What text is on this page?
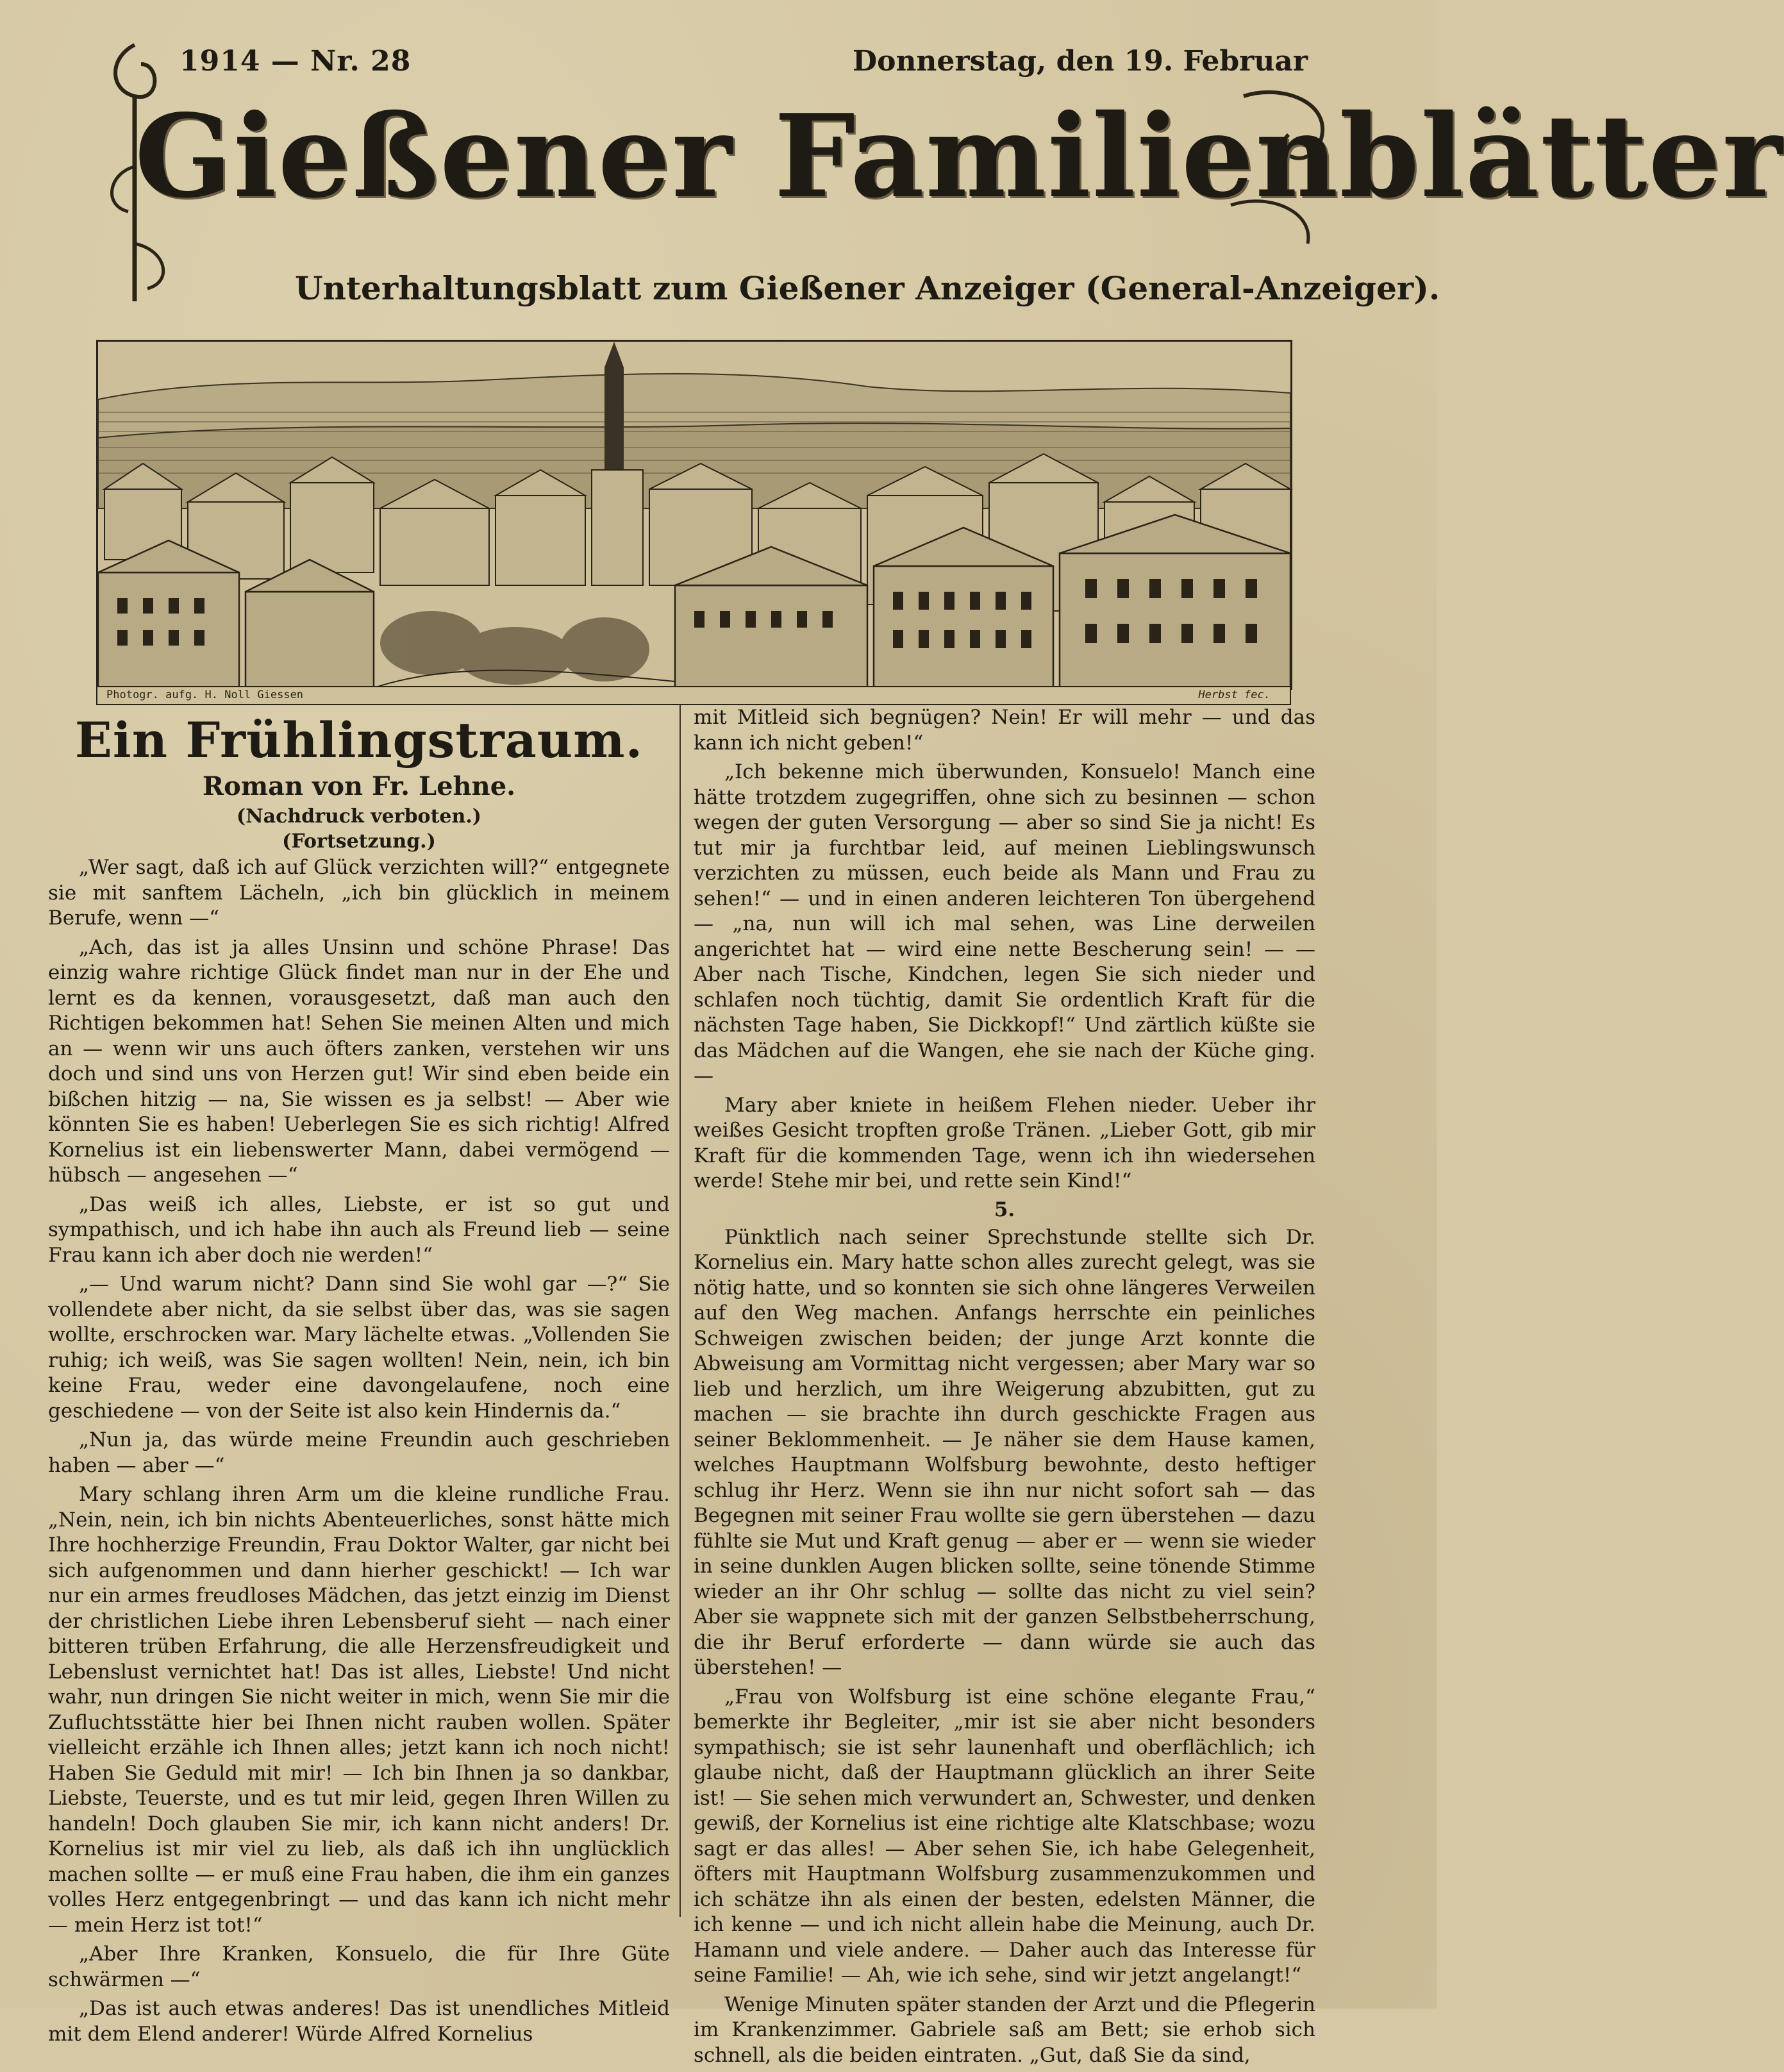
1914 — Nr. 28	Donnerstag, den 19. Februar
Gießener Familienblätter
Unterhaltungsblatt zum Gießener Anzeiger (General-Anzeiger).
Photogr. aufg. H. Noll Giessen	Herbst fec.
Ein Frühlingstraum.
Roman von Fr. Lehne.
(Nachdruck verboten.)
(Fortsetzung.)

„Wer sagt, daß ich auf Glück verzichten will?“ entgegnete sie mit sanftem Lächeln, „ich bin glücklich in meinem Berufe, wenn —“

„Ach, das ist ja alles Unsinn und schöne Phrase! Das einzig wahre richtige Glück findet man nur in der Ehe und lernt es da kennen, vorausgesetzt, daß man auch den Richtigen bekommen hat! Sehen Sie meinen Alten und mich an — wenn wir uns auch öfters zanken, verstehen wir uns doch und sind uns von Herzen gut! Wir sind eben beide ein bißchen hitzig — na, Sie wissen es ja selbst! — Aber wie könnten Sie es haben! Ueberlegen Sie es sich richtig! Alfred Kornelius ist ein liebenswerter Mann, dabei vermögend — hübsch — angesehen —“

„Das weiß ich alles, Liebste, er ist so gut und sympathisch, und ich habe ihn auch als Freund lieb — seine Frau kann ich aber doch nie werden!“

„— Und warum nicht? Dann sind Sie wohl gar —?“ Sie vollendete aber nicht, da sie selbst über das, was sie sagen wollte, erschrocken war. Mary lächelte etwas. „Vollenden Sie ruhig; ich weiß, was Sie sagen wollten! Nein, nein, ich bin keine Frau, weder eine davongelaufene, noch eine geschiedene — von der Seite ist also kein Hindernis da.“

„Nun ja, das würde meine Freundin auch geschrieben haben — aber —“

Mary schlang ihren Arm um die kleine rundliche Frau. „Nein, nein, ich bin nichts Abenteuerliches, sonst hätte mich Ihre hochherzige Freundin, Frau Doktor Walter, gar nicht bei sich aufgenommen und dann hierher geschickt! — Ich war nur ein armes freudloses Mädchen, das jetzt einzig im Dienst der christlichen Liebe ihren Lebensberuf sieht — nach einer bitteren trüben Erfahrung, die alle Herzensfreudigkeit und Lebenslust vernichtet hat! Das ist alles, Liebste! Und nicht wahr, nun dringen Sie nicht weiter in mich, wenn Sie mir die Zufluchtsstätte hier bei Ihnen nicht rauben wollen. Später vielleicht erzähle ich Ihnen alles; jetzt kann ich noch nicht! Haben Sie Geduld mit mir! — Ich bin Ihnen ja so dankbar, Liebste, Teuerste, und es tut mir leid, gegen Ihren Willen zu handeln! Doch glauben Sie mir, ich kann nicht anders! Dr. Kornelius ist mir viel zu lieb, als daß ich ihn unglücklich machen sollte — er muß eine Frau haben, die ihm ein ganzes volles Herz entgegenbringt — und das kann ich nicht mehr — mein Herz ist tot!“

„Aber Ihre Kranken, Konsuelo, die für Ihre Güte schwärmen —“

„Das ist auch etwas anderes! Das ist unendliches Mitleid mit dem Elend anderer! Würde Alfred Kornelius

mit Mitleid sich begnügen? Nein! Er will mehr — und das kann ich nicht geben!“

„Ich bekenne mich überwunden, Konsuelo! Manch eine hätte trotzdem zugegriffen, ohne sich zu besinnen — schon wegen der guten Versorgung — aber so sind Sie ja nicht! Es tut mir ja furchtbar leid, auf meinen Lieblingswunsch verzichten zu müssen, euch beide als Mann und Frau zu sehen!“ — und in einen anderen leichteren Ton übergehend — „na, nun will ich mal sehen, was Line derweilen angerichtet hat — wird eine nette Bescherung sein! — — Aber nach Tische, Kindchen, legen Sie sich nieder und schlafen noch tüchtig, damit Sie ordentlich Kraft für die nächsten Tage haben, Sie Dickkopf!“ Und zärtlich küßte sie das Mädchen auf die Wangen, ehe sie nach der Küche ging. —

Mary aber kniete in heißem Flehen nieder. Ueber ihr weißes Gesicht tropften große Tränen. „Lieber Gott, gib mir Kraft für die kommenden Tage, wenn ich ihn wiedersehen werde! Stehe mir bei, und rette sein Kind!“

5.

Pünktlich nach seiner Sprechstunde stellte sich Dr. Kornelius ein. Mary hatte schon alles zurecht gelegt, was sie nötig hatte, und so konnten sie sich ohne längeres Verweilen auf den Weg machen. Anfangs herrschte ein peinliches Schweigen zwischen beiden; der junge Arzt konnte die Abweisung am Vormittag nicht vergessen; aber Mary war so lieb und herzlich, um ihre Weigerung abzubitten, gut zu machen — sie brachte ihn durch geschickte Fragen aus seiner Beklommenheit. — Je näher sie dem Hause kamen, welches Hauptmann Wolfsburg bewohnte, desto heftiger schlug ihr Herz. Wenn sie ihn nur nicht sofort sah — das Begegnen mit seiner Frau wollte sie gern überstehen — dazu fühlte sie Mut und Kraft genug — aber er — wenn sie wieder in seine dunklen Augen blicken sollte, seine tönende Stimme wieder an ihr Ohr schlug — sollte das nicht zu viel sein? Aber sie wappnete sich mit der ganzen Selbstbeherrschung, die ihr Beruf erforderte — dann würde sie auch das überstehen! —

„Frau von Wolfsburg ist eine schöne elegante Frau,“ bemerkte ihr Begleiter, „mir ist sie aber nicht besonders sympathisch; sie ist sehr launenhaft und oberflächlich; ich glaube nicht, daß der Hauptmann glücklich an ihrer Seite ist! — Sie sehen mich verwundert an, Schwester, und denken gewiß, der Kornelius ist eine richtige alte Klatschbase; wozu sagt er das alles! — Aber sehen Sie, ich habe Gelegenheit, öfters mit Hauptmann Wolfsburg zusammenzukommen und ich schätze ihn als einen der besten, edelsten Männer, die ich kenne — und ich nicht allein habe die Meinung, auch Dr. Hamann und viele andere. — Daher auch das Interesse für seine Familie! — Ah, wie ich sehe, sind wir jetzt angelangt!“

Wenige Minuten später standen der Arzt und die Pflegerin im Krankenzimmer. Gabriele saß am Bett; sie erhob sich schnell, als die beiden eintraten. „Gut, daß Sie da sind,
